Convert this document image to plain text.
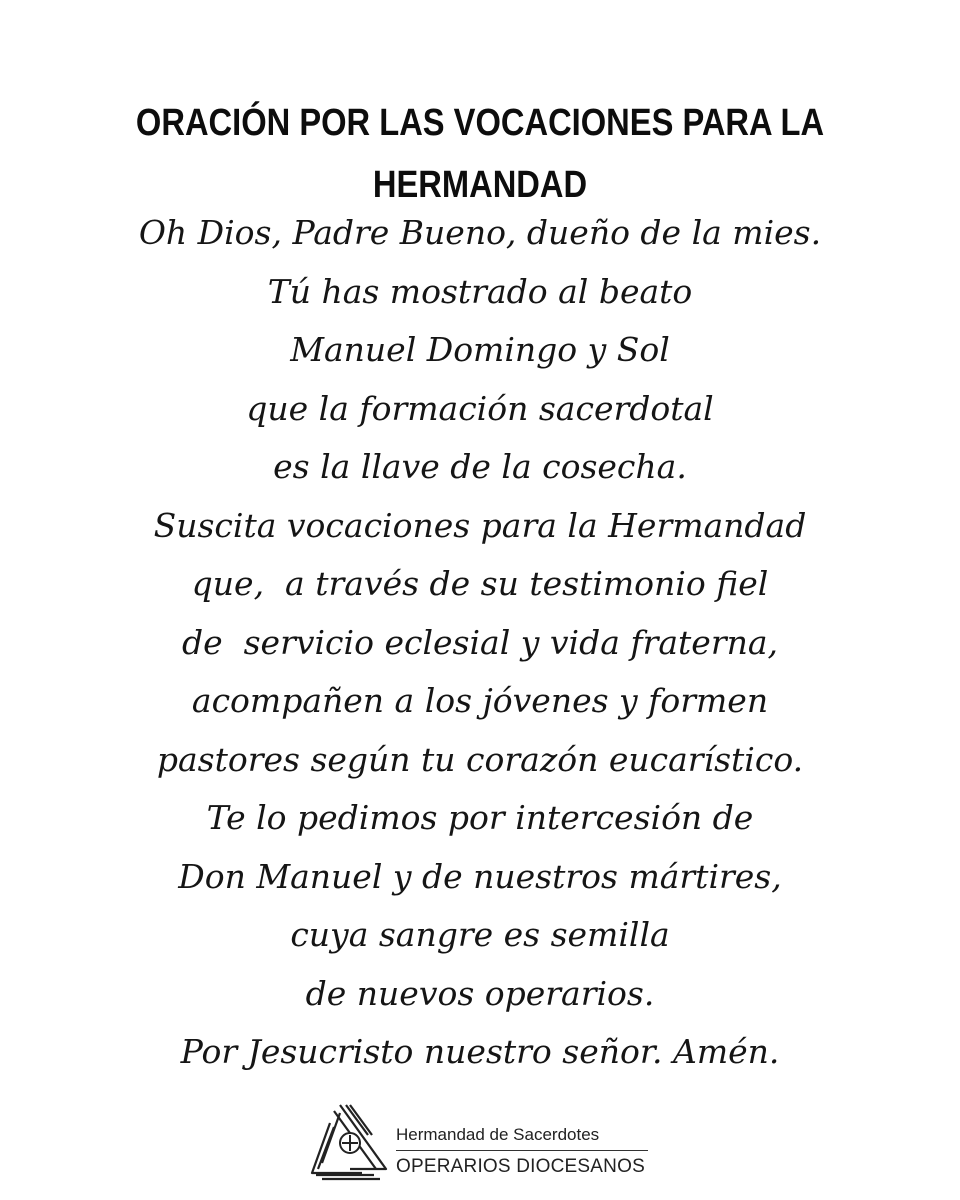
ORACIÓN POR LAS VOCACIONES PARA LA HERMANDAD
Oh Dios, Padre Bueno, dueño de la mies.
Tú has mostrado al beato
Manuel Domingo y Sol
que la formación sacerdotal
es la llave de la cosecha.
Suscita vocaciones para la Hermandad
que,  a través de su testimonio fiel
de  servicio eclesial y vida fraterna,
acompañen a los jóvenes y formen
pastores según tu corazón eucarístico.
Te lo pedimos por intercesión de
Don Manuel y de nuestros mártires,
cuya sangre es semilla
de nuevos operarios.
Por Jesucristo nuestro señor. Amén.
Hermandad de Sacerdotes
OPERARIOS DIOCESANOS
